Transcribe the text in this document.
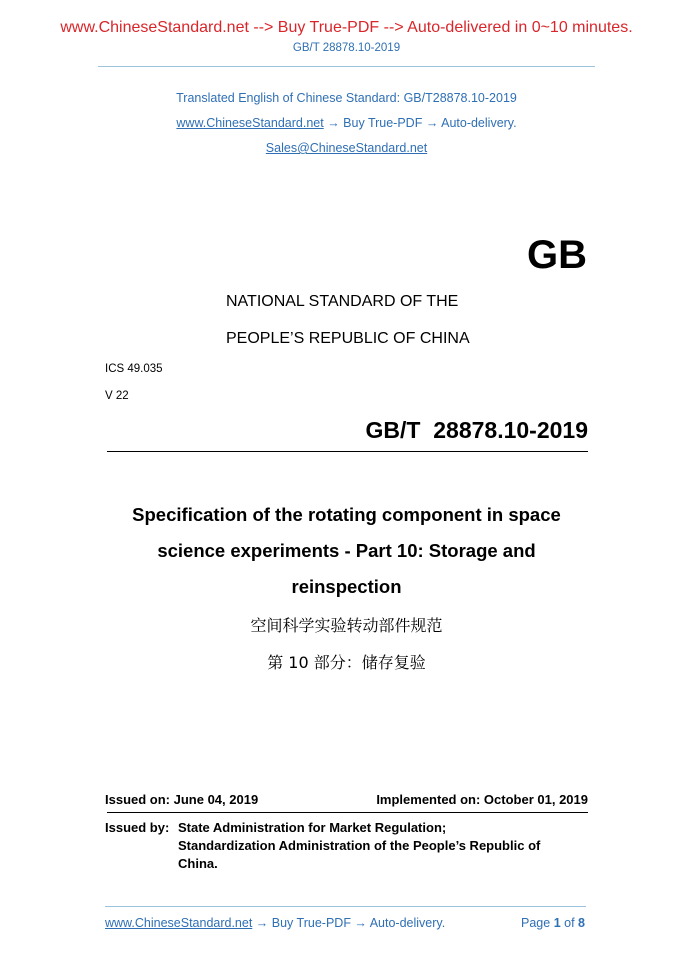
www.ChineseStandard.net --> Buy True-PDF --> Auto-delivered in 0~10 minutes.
GB/T 28878.10-2019
Translated English of Chinese Standard: GB/T28878.10-2019
www.ChineseStandard.net → Buy True-PDF → Auto-delivery.
Sales@ChineseStandard.net
GB
NATIONAL STANDARD OF THE
PEOPLE’S REPUBLIC OF CHINA
ICS 49.035
V 22
GB/T  28878.10-2019
Specification of the rotating component in space
science experiments - Part 10: Storage and
reinspection
空间科学实验转动部件规范
第 10 部分：储存复验
Issued on: June 04, 2019	Implemented on: October 01, 2019
Issued by: State Administration for Market Regulation;
Standardization Administration of the People’s Republic of
China.
www.ChineseStandard.net → Buy True-PDF → Auto-delivery.	Page 1 of 8
